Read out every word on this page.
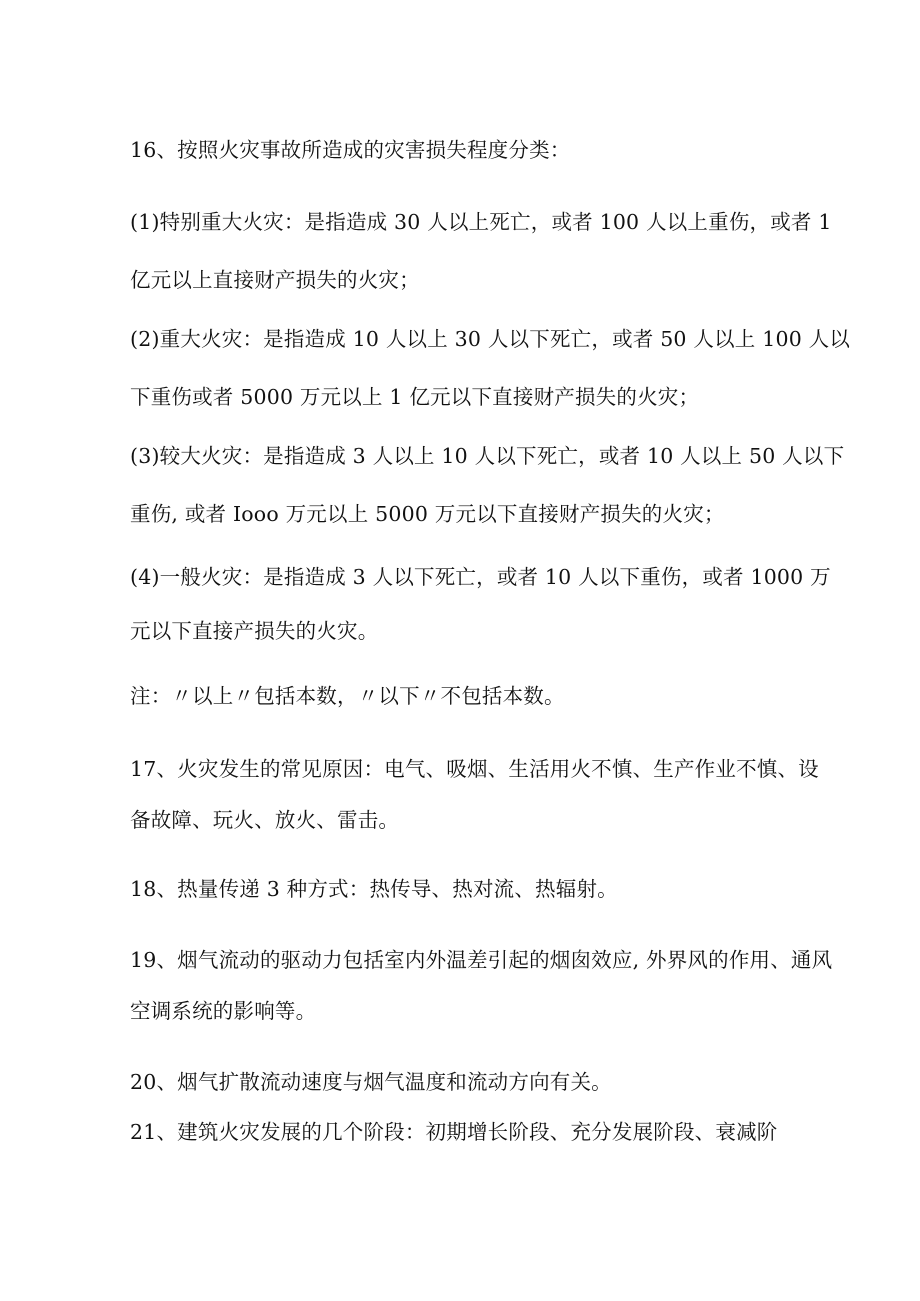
16、按照火灾事故所造成的灾害损失程度分类：
(1)特别重大火灾：是指造成 30 人以上死亡，或者 100 人以上重伤，或者 1
亿元以上直接财产损失的火灾；
(2)重大火灾：是指造成 10 人以上 30 人以下死亡，或者 50 人以上 100 人以
下重伤或者 5000 万元以上 1 亿元以下直接财产损失的火灾；
(3)较大火灾：是指造成 3 人以上 10 人以下死亡，或者 10 人以上 50 人以下
重伤, 或者 Iooo 万元以上 5000 万元以下直接财产损失的火灾；
(4)一般火灾：是指造成 3 人以下死亡，或者 10 人以下重伤，或者 1000 万
元以下直接产损失的火灾。
注：〃以上〃包括本数，〃以下〃不包括本数。
17、火灾发生的常见原因：电气、吸烟、生活用火不慎、生产作业不慎、设
备故障、玩火、放火、雷击。
18、热量传递 3 种方式：热传导、热对流、热辐射。
19、烟气流动的驱动力包括室内外温差引起的烟囱效应, 外界风的作用、通风
空调系统的影响等。
20、烟气扩散流动速度与烟气温度和流动方向有关。
21、建筑火灾发展的几个阶段：初期增长阶段、充分发展阶段、衰减阶
